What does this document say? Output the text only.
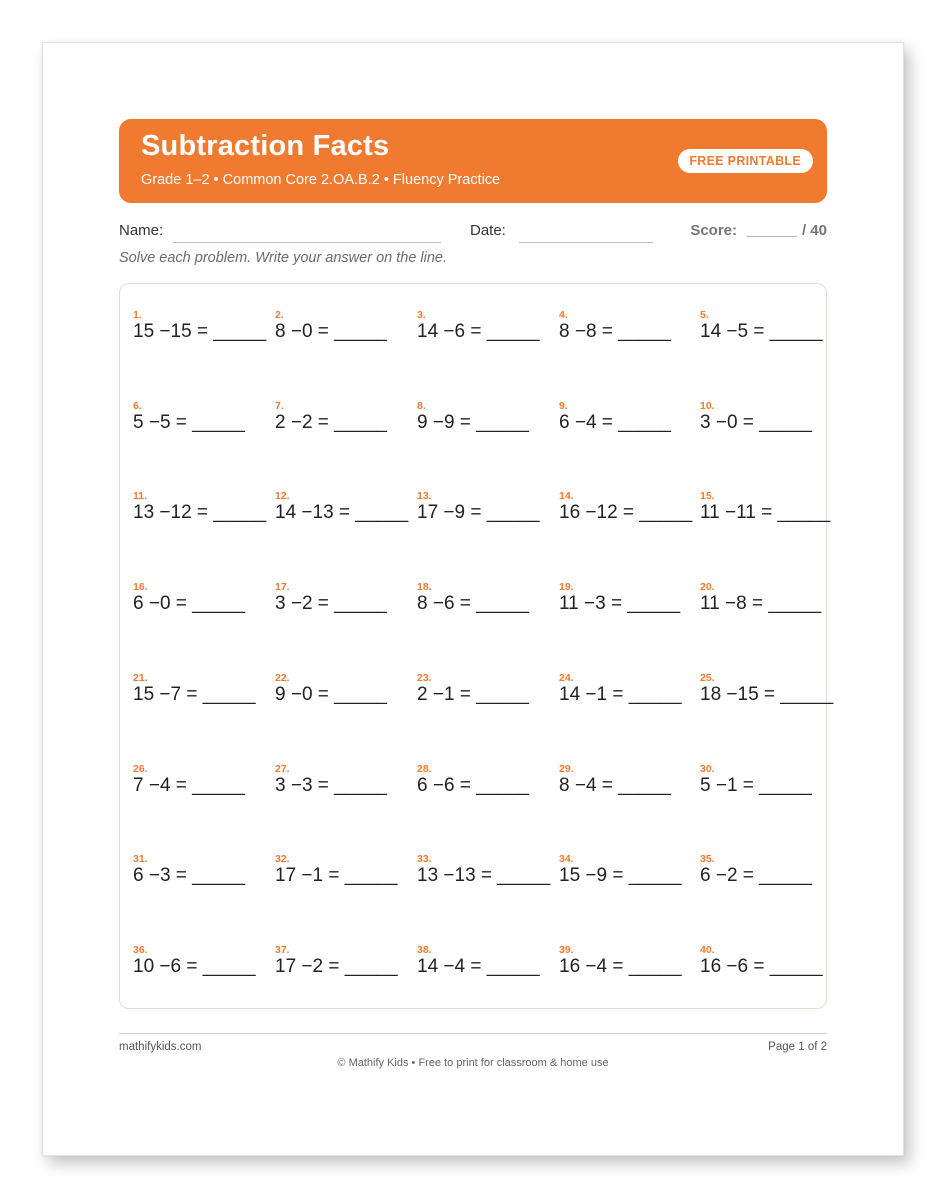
Subtraction Facts
Grade 1–2 • Common Core 2.OA.B.2 • Fluency Practice
FREE PRINTABLE
Name:	Date:	Score: ______ / 40
Solve each problem. Write your answer on the line.
1.
15 −15 = _____
2.
8 −0 = _____
3.
14 −6 = _____
4.
8 −8 = _____
5.
14 −5 = _____
6.
5 −5 = _____
7.
2 −2 = _____
8.
9 −9 = _____
9.
6 −4 = _____
10.
3 −0 = _____
11.
13 −12 = _____
12.
14 −13 = _____
13.
17 −9 = _____
14.
16 −12 = _____
15.
11 −11 = _____
16.
6 −0 = _____
17.
3 −2 = _____
18.
8 −6 = _____
19.
11 −3 = _____
20.
11 −8 = _____
21.
15 −7 = _____
22.
9 −0 = _____
23.
2 −1 = _____
24.
14 −1 = _____
25.
18 −15 = _____
26.
7 −4 = _____
27.
3 −3 = _____
28.
6 −6 = _____
29.
8 −4 = _____
30.
5 −1 = _____
31.
6 −3 = _____
32.
17 −1 = _____
33.
13 −13 = _____
34.
15 −9 = _____
35.
6 −2 = _____
36.
10 −6 = _____
37.
17 −2 = _____
38.
14 −4 = _____
39.
16 −4 = _____
40.
16 −6 = _____
mathifykids.com	Page 1 of 2
© Mathify Kids • Free to print for classroom & home use
